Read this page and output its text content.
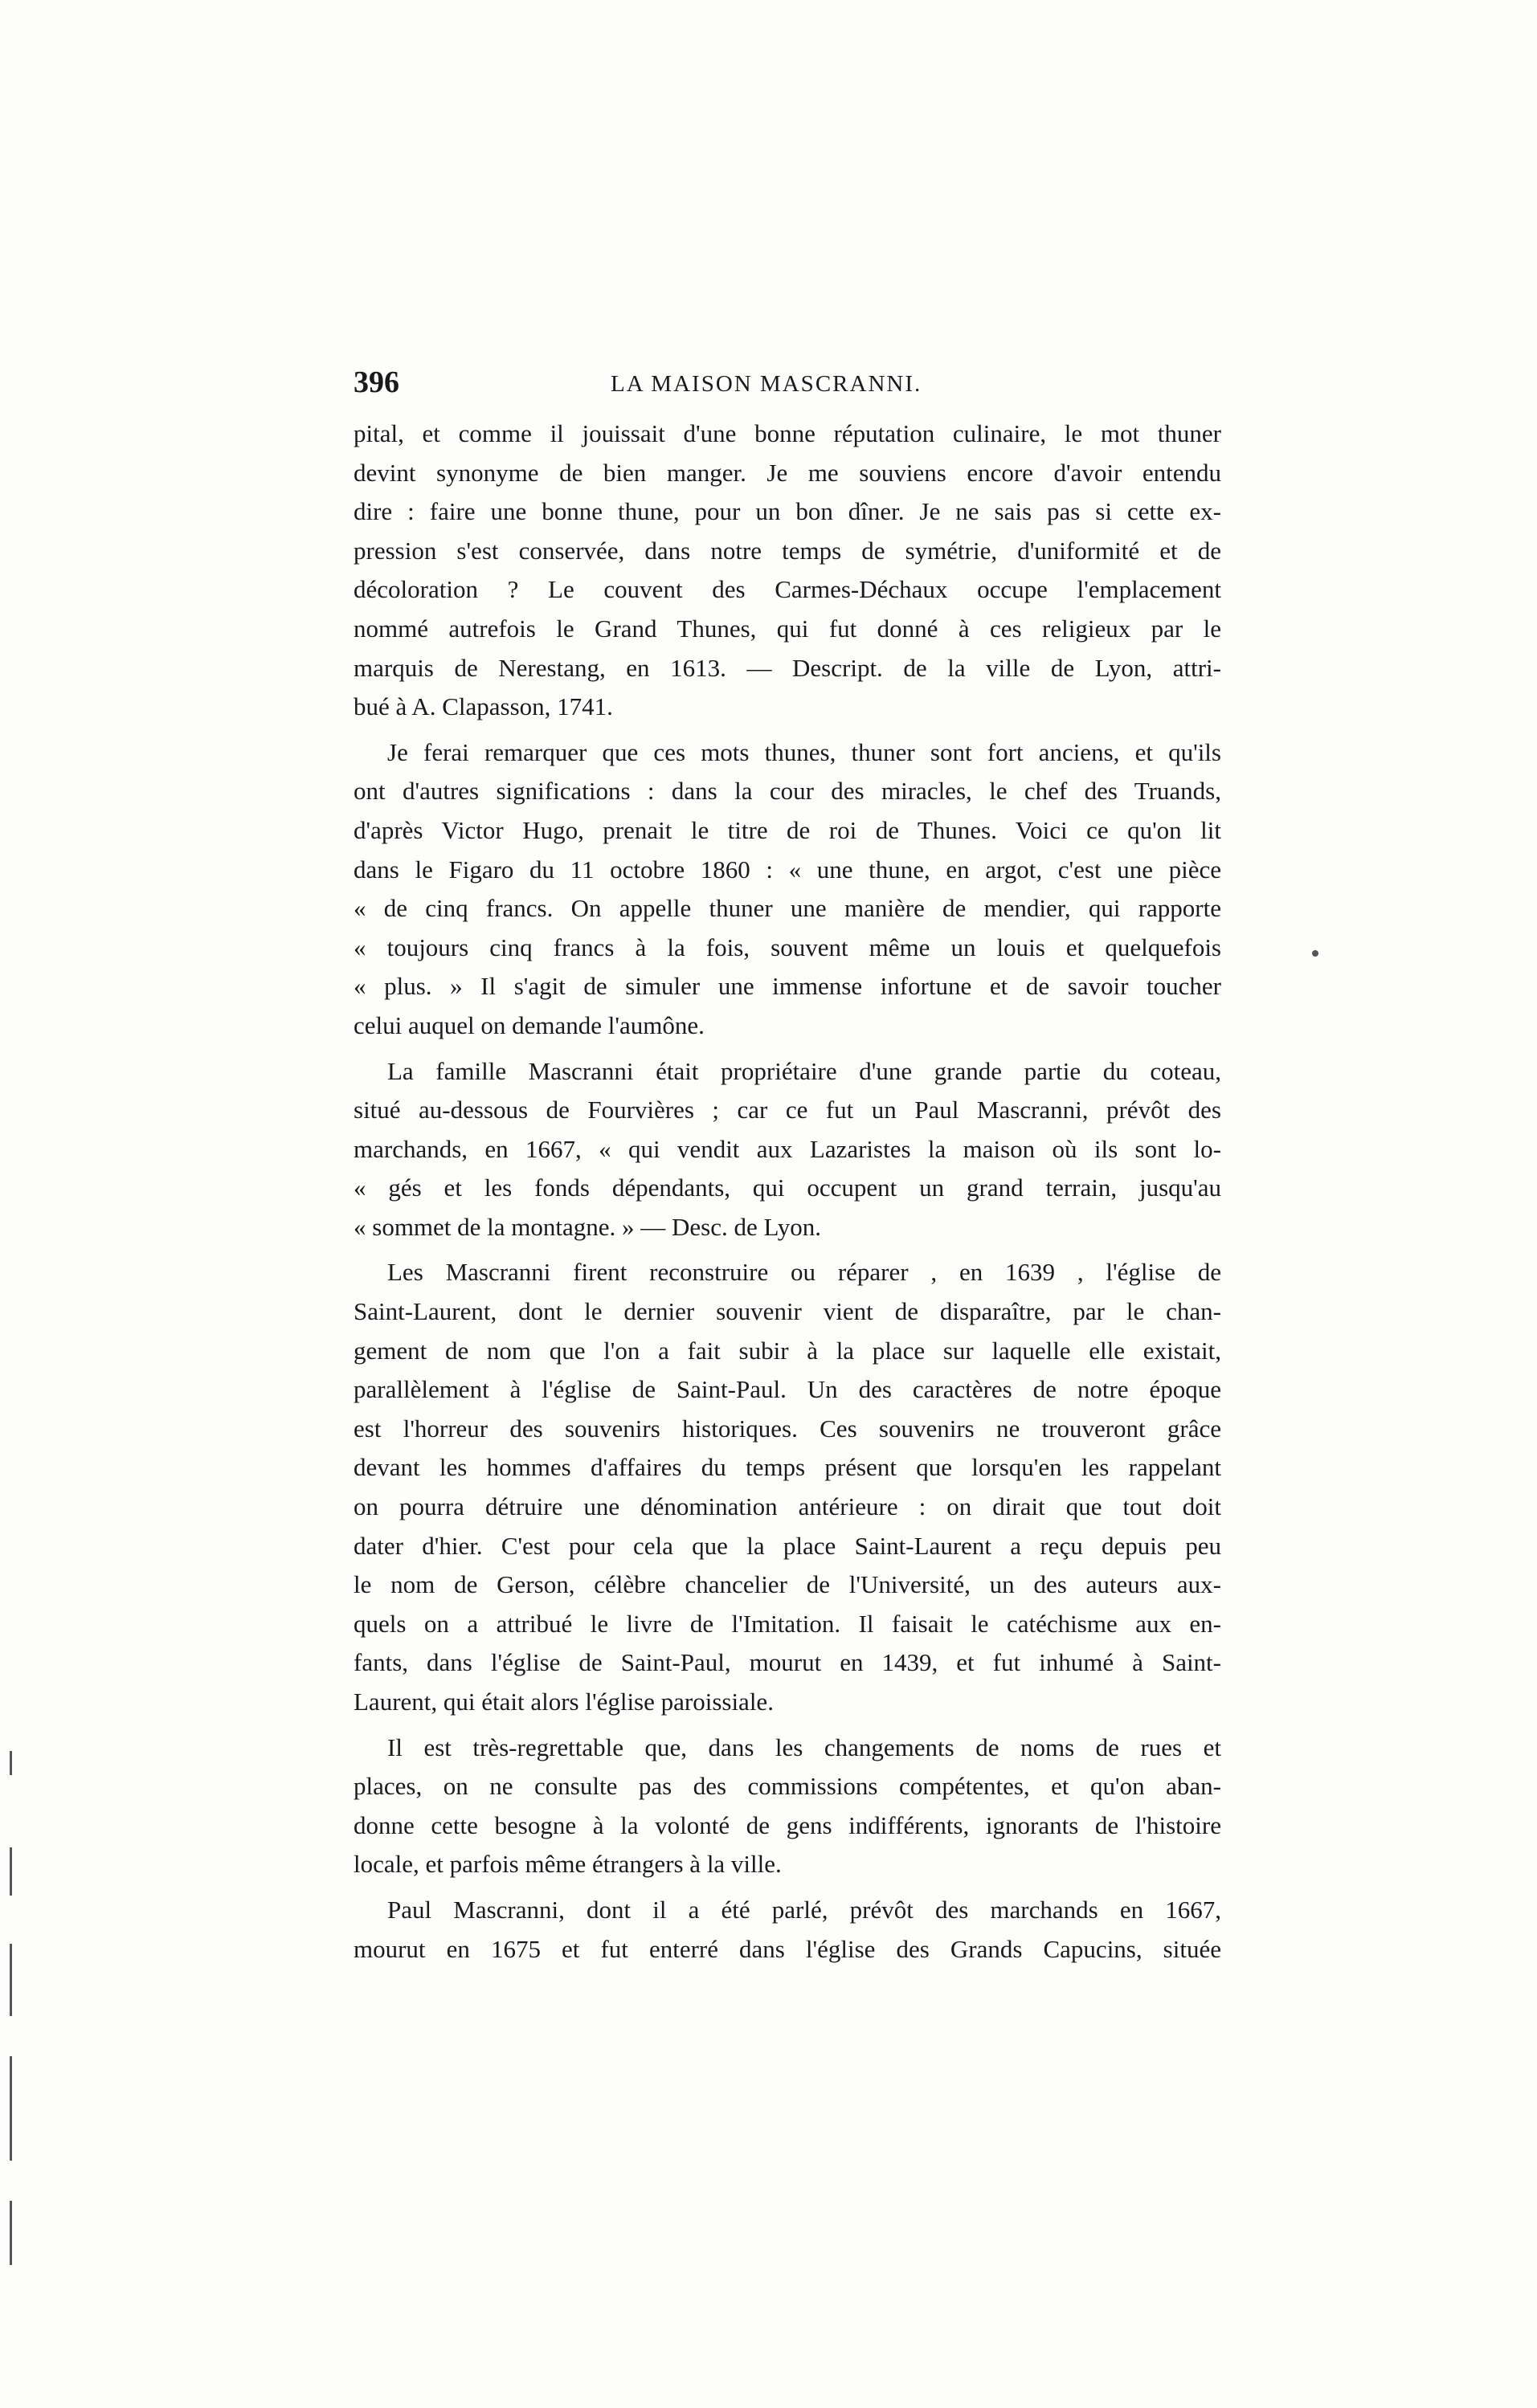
396	LA MAISON MASCRANNI.
pital, et comme il jouissait d'une bonne réputation culinaire, le mot thuner
devint synonyme de bien manger. Je me souviens encore d'avoir entendu
dire : faire une bonne thune, pour un bon dîner. Je ne sais pas si cette ex-
pression s'est conservée, dans notre temps de symétrie, d'uniformité et de
décoloration ? Le couvent des Carmes-Déchaux occupe l'emplacement
nommé autrefois le Grand Thunes, qui fut donné à ces religieux par le
marquis de Nerestang, en 1613. — Descript. de la ville de Lyon, attri-
bué à A. Clapasson, 1741.
Je ferai remarquer que ces mots thunes, thuner sont fort anciens, et qu'ils
ont d'autres significations : dans la cour des miracles, le chef des Truands,
d'après Victor Hugo, prenait le titre de roi de Thunes. Voici ce qu'on lit
dans le Figaro du 11 octobre 1860 : « une thune, en argot, c'est une pièce
« de cinq francs. On appelle thuner une manière de mendier, qui rapporte
« toujours cinq francs à la fois, souvent même un louis et quelquefois
« plus. » Il s'agit de simuler une immense infortune et de savoir toucher
celui auquel on demande l'aumône.
La famille Mascranni était propriétaire d'une grande partie du coteau,
situé au-dessous de Fourvières ; car ce fut un Paul Mascranni, prévôt des
marchands, en 1667, « qui vendit aux Lazaristes la maison où ils sont lo-
« gés et les fonds dépendants, qui occupent un grand terrain, jusqu'au
« sommet de la montagne. » — Desc. de Lyon.
Les Mascranni firent reconstruire ou réparer , en 1639 , l'église de
Saint-Laurent, dont le dernier souvenir vient de disparaître, par le chan-
gement de nom que l'on a fait subir à la place sur laquelle elle existait,
parallèlement à l'église de Saint-Paul. Un des caractères de notre époque
est l'horreur des souvenirs historiques. Ces souvenirs ne trouveront grâce
devant les hommes d'affaires du temps présent que lorsqu'en les rappelant
on pourra détruire une dénomination antérieure : on dirait que tout doit
dater d'hier. C'est pour cela que la place Saint-Laurent a reçu depuis peu
le nom de Gerson, célèbre chancelier de l'Université, un des auteurs aux-
quels on a attribué le livre de l'Imitation. Il faisait le catéchisme aux en-
fants, dans l'église de Saint-Paul, mourut en 1439, et fut inhumé à Saint-
Laurent, qui était alors l'église paroissiale.
Il est très-regrettable que, dans les changements de noms de rues et
places, on ne consulte pas des commissions compétentes, et qu'on aban-
donne cette besogne à la volonté de gens indifférents, ignorants de l'histoire
locale, et parfois même étrangers à la ville.
Paul Mascranni, dont il a été parlé, prévôt des marchands en 1667,
mourut en 1675 et fut enterré dans l'église des Grands Capucins, située
